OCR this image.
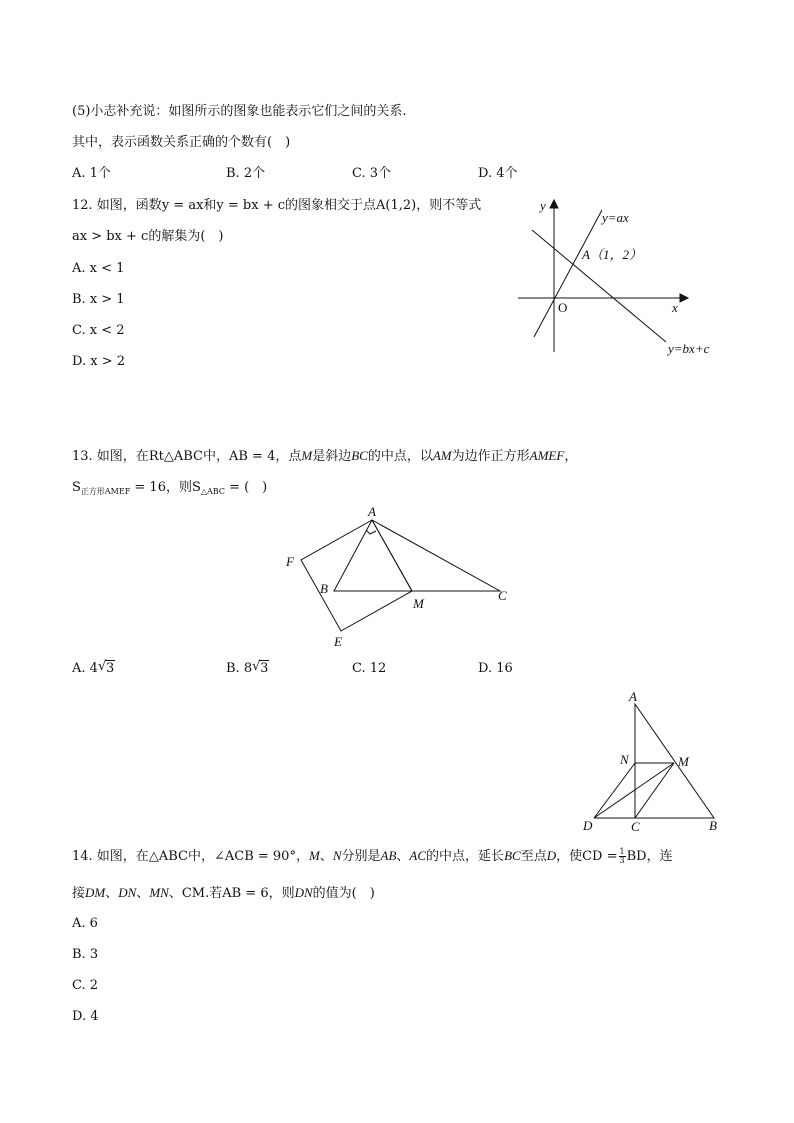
(5)小志补充说：如图所示的图象也能表示它们之间的关系.
其中，表示函数关系正确的个数有(　)
A. 1个	B. 2个	C. 3个	D. 4个
12. 如图，函数y = ax和y = bx + c的图象相交于点A(1,2)，则不等式
ax > bx + c的解集为(　)
A. x < 1
B. x > 1
C. x < 2
D. x > 2
y
x
O
y=ax
A（1，2）
y=bx+c
13. 如图，在Rt△ABC中，AB = 4，点M是斜边BC的中点，以AM为边作正方形AMEF，
$S_{正方形AMEF} = 16$，则$S_{\triangle ABC}$ = (　)
A
B	C
M
E
F
A. 4 √ 3	B. 8 √ 3	C. 12	D. 16
A
N	M
D	C	B
14. 如图，在△ABC中，∠ACB = 90°，M、N分别是AB、AC的中点，延长BC至点D，使CD = $\frac{1}{3}$ BD，连
接DM、DN、MN、CM.若AB = 6，则DN的值为(　)
A. 6
B. 3
C. 2
D. 4
